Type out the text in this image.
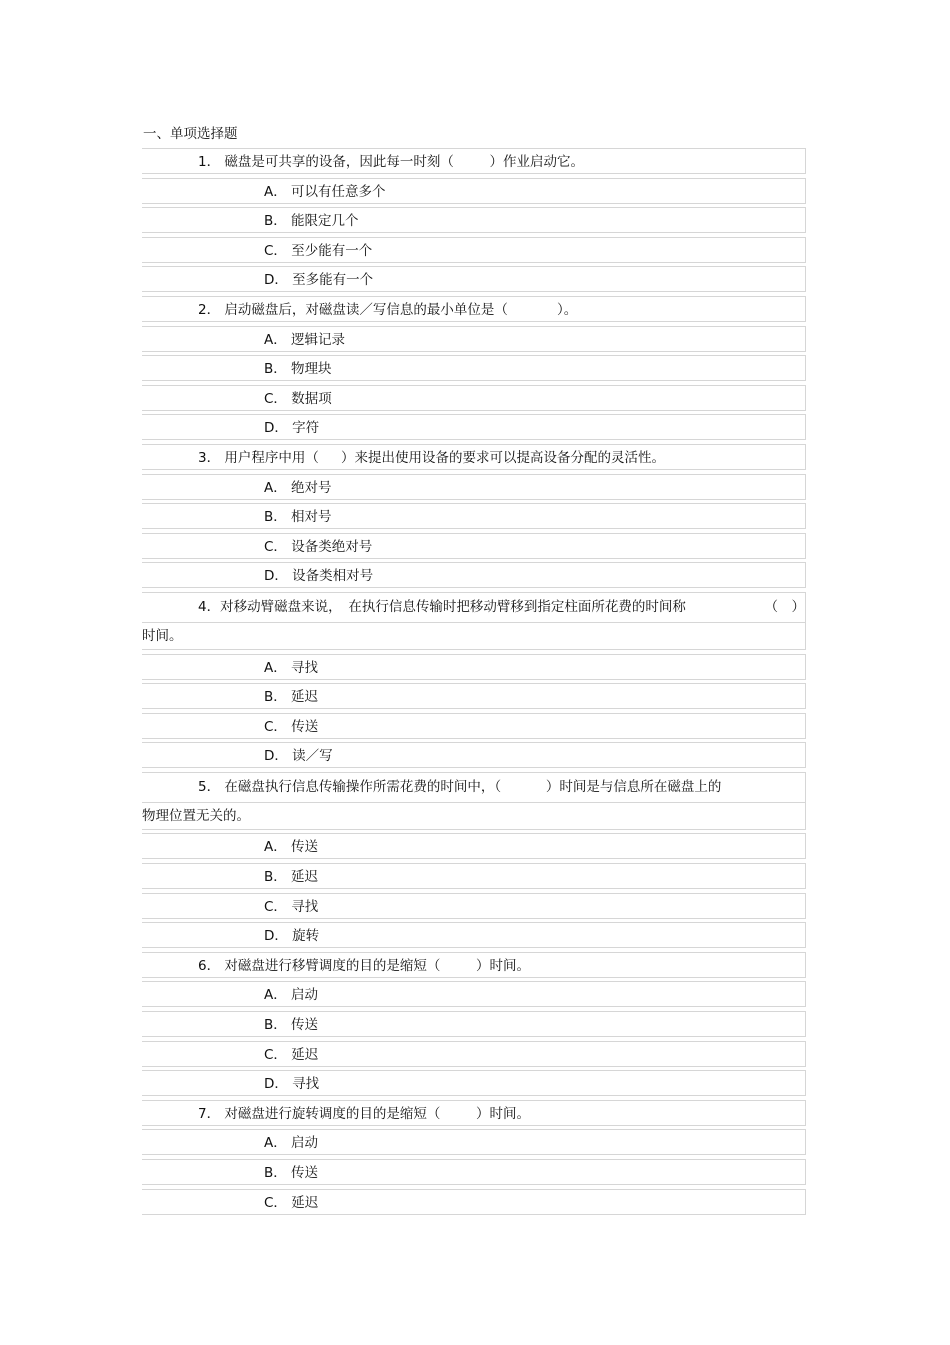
一、单项选择题
1． 磁盘是可共享的设备，因此每一时刻（ 　　 ）作业启动它。
A． 可以有任意多个
B． 能限定几个
C． 至少能有一个
D． 至多能有一个
2． 启动磁盘后，对磁盘读／写信息的最小单位是（ 　　　 ）。
A． 逻辑记录
B． 物理块
C． 数据项
D． 字符
3． 用户程序中用（ 　 ）来提出使用设备的要求可以提高设备分配的灵活性。
A． 绝对号
B． 相对号
C． 设备类绝对号
D． 设备类相对号
4．对移动臂磁盘来说，　在执行信息传输时把移动臂移到指定柱面所花费的时间称	（　）
时间。
A． 寻找
B． 延迟
C． 传送
D． 读／写
5． 在磁盘执行信息传输操作所需花费的时间中，（　　　 ）时间是与信息所在磁盘上的
物理位置无关的。
A． 传送
B． 延迟
C． 寻找
D． 旋转
6． 对磁盘进行移臂调度的目的是缩短（ 　　 ）时间。
A． 启动
B． 传送
C． 延迟
D． 寻找
7． 对磁盘进行旋转调度的目的是缩短（ 　　 ）时间。
A． 启动
B． 传送
C． 延迟
